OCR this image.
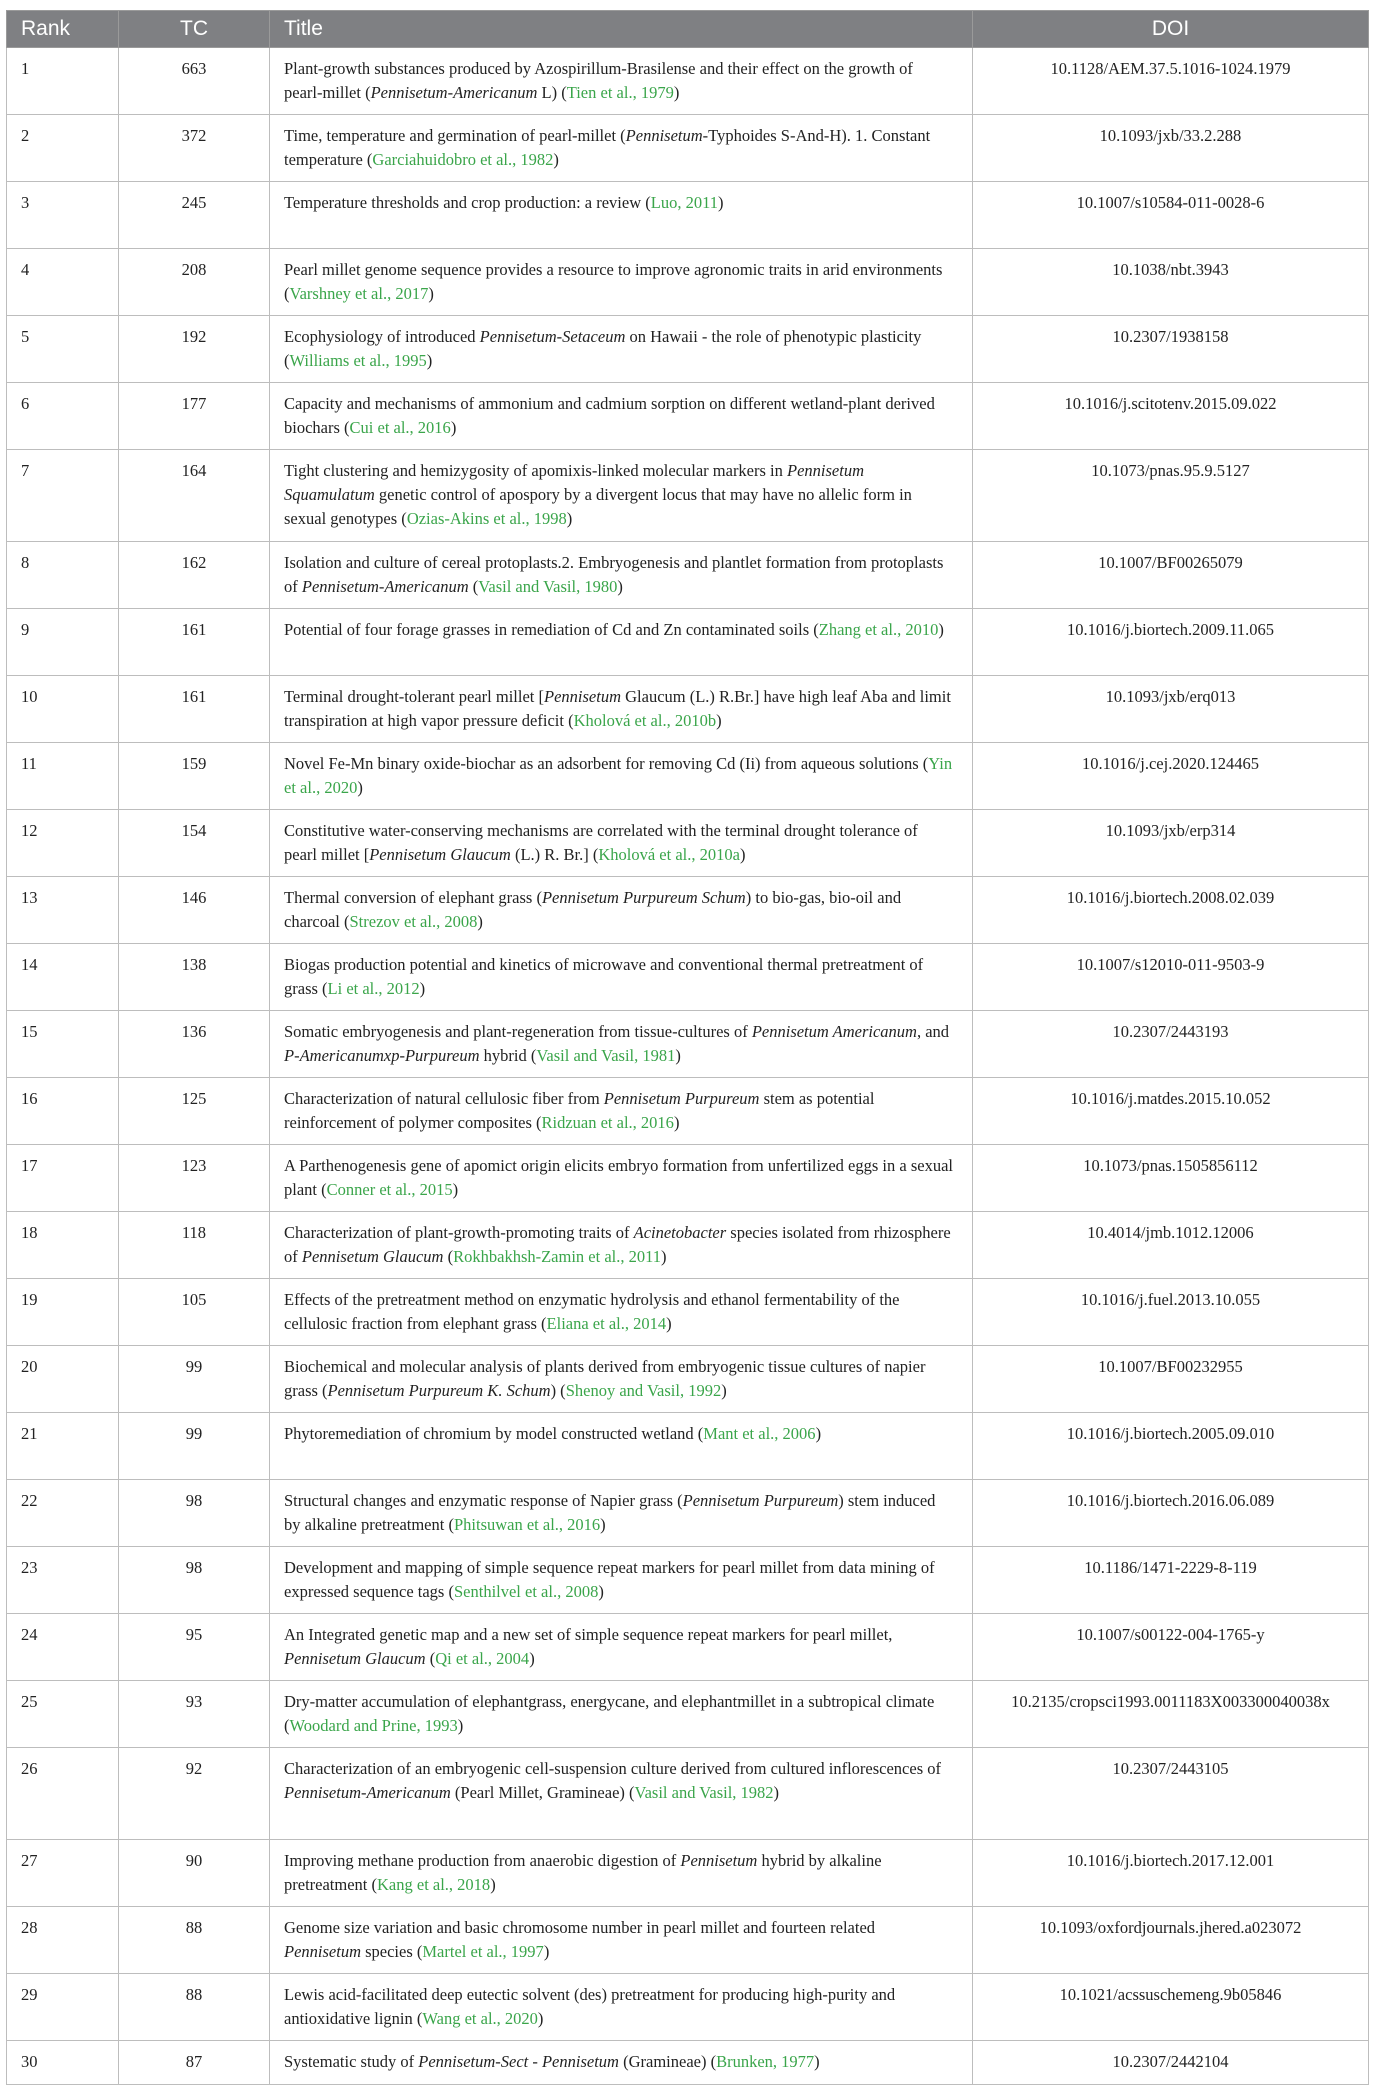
Rank	TC	Title	DOI
1	663	Plant-growth substances produced by Azospirillum-Brasilense and their effect on the growth of pearl-millet (Pennisetum-Americanum L) (Tien et al., 1979)	10.1128/AEM.37.5.1016-1024.1979
2	372	Time, temperature and germination of pearl-millet (Pennisetum-Typhoides S-And-H). 1. Constant temperature (Garciahuidobro et al., 1982)	10.1093/jxb/33.2.288
3	245	Temperature thresholds and crop production: a review (Luo, 2011)	10.1007/s10584-011-0028-6
4	208	Pearl millet genome sequence provides a resource to improve agronomic traits in arid environments (Varshney et al., 2017)	10.1038/nbt.3943
5	192	Ecophysiology of introduced Pennisetum-Setaceum on Hawaii - the role of phenotypic plasticity (Williams et al., 1995)	10.2307/1938158
6	177	Capacity and mechanisms of ammonium and cadmium sorption on different wetland-plant derived biochars (Cui et al., 2016)	10.1016/j.scitotenv.2015.09.022
7	164	Tight clustering and hemizygosity of apomixis-linked molecular markers in Pennisetum Squamulatum genetic control of apospory by a divergent locus that may have no allelic form in sexual genotypes (Ozias-Akins et al., 1998)	10.1073/pnas.95.9.5127
8	162	Isolation and culture of cereal protoplasts.2. Embryogenesis and plantlet formation from protoplasts of Pennisetum-Americanum (Vasil and Vasil, 1980)	10.1007/BF00265079
9	161	Potential of four forage grasses in remediation of Cd and Zn contaminated soils (Zhang et al., 2010)	10.1016/j.biortech.2009.11.065
10	161	Terminal drought-tolerant pearl millet [Pennisetum Glaucum (L.) R.Br.] have high leaf Aba and limit transpiration at high vapor pressure deficit (Kholová et al., 2010b)	10.1093/jxb/erq013
11	159	Novel Fe-Mn binary oxide-biochar as an adsorbent for removing Cd (Ii) from aqueous solutions (Yin et al., 2020)	10.1016/j.cej.2020.124465
12	154	Constitutive water-conserving mechanisms are correlated with the terminal drought tolerance of pearl millet [Pennisetum Glaucum (L.) R. Br.] (Kholová et al., 2010a)	10.1093/jxb/erp314
13	146	Thermal conversion of elephant grass (Pennisetum Purpureum Schum) to bio-gas, bio-oil and charcoal (Strezov et al., 2008)	10.1016/j.biortech.2008.02.039
14	138	Biogas production potential and kinetics of microwave and conventional thermal pretreatment of grass (Li et al., 2012)	10.1007/s12010-011-9503-9
15	136	Somatic embryogenesis and plant-regeneration from tissue-cultures of Pennisetum Americanum, and P-Americanumxp-Purpureum hybrid (Vasil and Vasil, 1981)	10.2307/2443193
16	125	Characterization of natural cellulosic fiber from Pennisetum Purpureum stem as potential reinforcement of polymer composites (Ridzuan et al., 2016)	10.1016/j.matdes.2015.10.052
17	123	A Parthenogenesis gene of apomict origin elicits embryo formation from unfertilized eggs in a sexual plant (Conner et al., 2015)	10.1073/pnas.1505856112
18	118	Characterization of plant-growth-promoting traits of Acinetobacter species isolated from rhizosphere of Pennisetum Glaucum (Rokhbakhsh-Zamin et al., 2011)	10.4014/jmb.1012.12006
19	105	Effects of the pretreatment method on enzymatic hydrolysis and ethanol fermentability of the cellulosic fraction from elephant grass (Eliana et al., 2014)	10.1016/j.fuel.2013.10.055
20	99	Biochemical and molecular analysis of plants derived from embryogenic tissue cultures of napier grass (Pennisetum Purpureum K. Schum) (Shenoy and Vasil, 1992)	10.1007/BF00232955
21	99	Phytoremediation of chromium by model constructed wetland (Mant et al., 2006)	10.1016/j.biortech.2005.09.010
22	98	Structural changes and enzymatic response of Napier grass (Pennisetum Purpureum) stem induced by alkaline pretreatment (Phitsuwan et al., 2016)	10.1016/j.biortech.2016.06.089
23	98	Development and mapping of simple sequence repeat markers for pearl millet from data mining of expressed sequence tags (Senthilvel et al., 2008)	10.1186/1471-2229-8-119
24	95	An Integrated genetic map and a new set of simple sequence repeat markers for pearl millet, Pennisetum Glaucum (Qi et al., 2004)	10.1007/s00122-004-1765-y
25	93	Dry-matter accumulation of elephantgrass, energycane, and elephantmillet in a subtropical climate (Woodard and Prine, 1993)	10.2135/cropsci1993.0011183X003300040038x
26	92	Characterization of an embryogenic cell-suspension culture derived from cultured inflorescences of Pennisetum-Americanum (Pearl Millet, Gramineae) (Vasil and Vasil, 1982)	10.2307/2443105
27	90	Improving methane production from anaerobic digestion of Pennisetum hybrid by alkaline pretreatment (Kang et al., 2018)	10.1016/j.biortech.2017.12.001
28	88	Genome size variation and basic chromosome number in pearl millet and fourteen related Pennisetum species (Martel et al., 1997)	10.1093/oxfordjournals.jhered.a023072
29	88	Lewis acid-facilitated deep eutectic solvent (des) pretreatment for producing high-purity and antioxidative lignin (Wang et al., 2020)	10.1021/acssuschemeng.9b05846
30	87	Systematic study of Pennisetum-Sect - Pennisetum (Gramineae) (Brunken, 1977)	10.2307/2442104
